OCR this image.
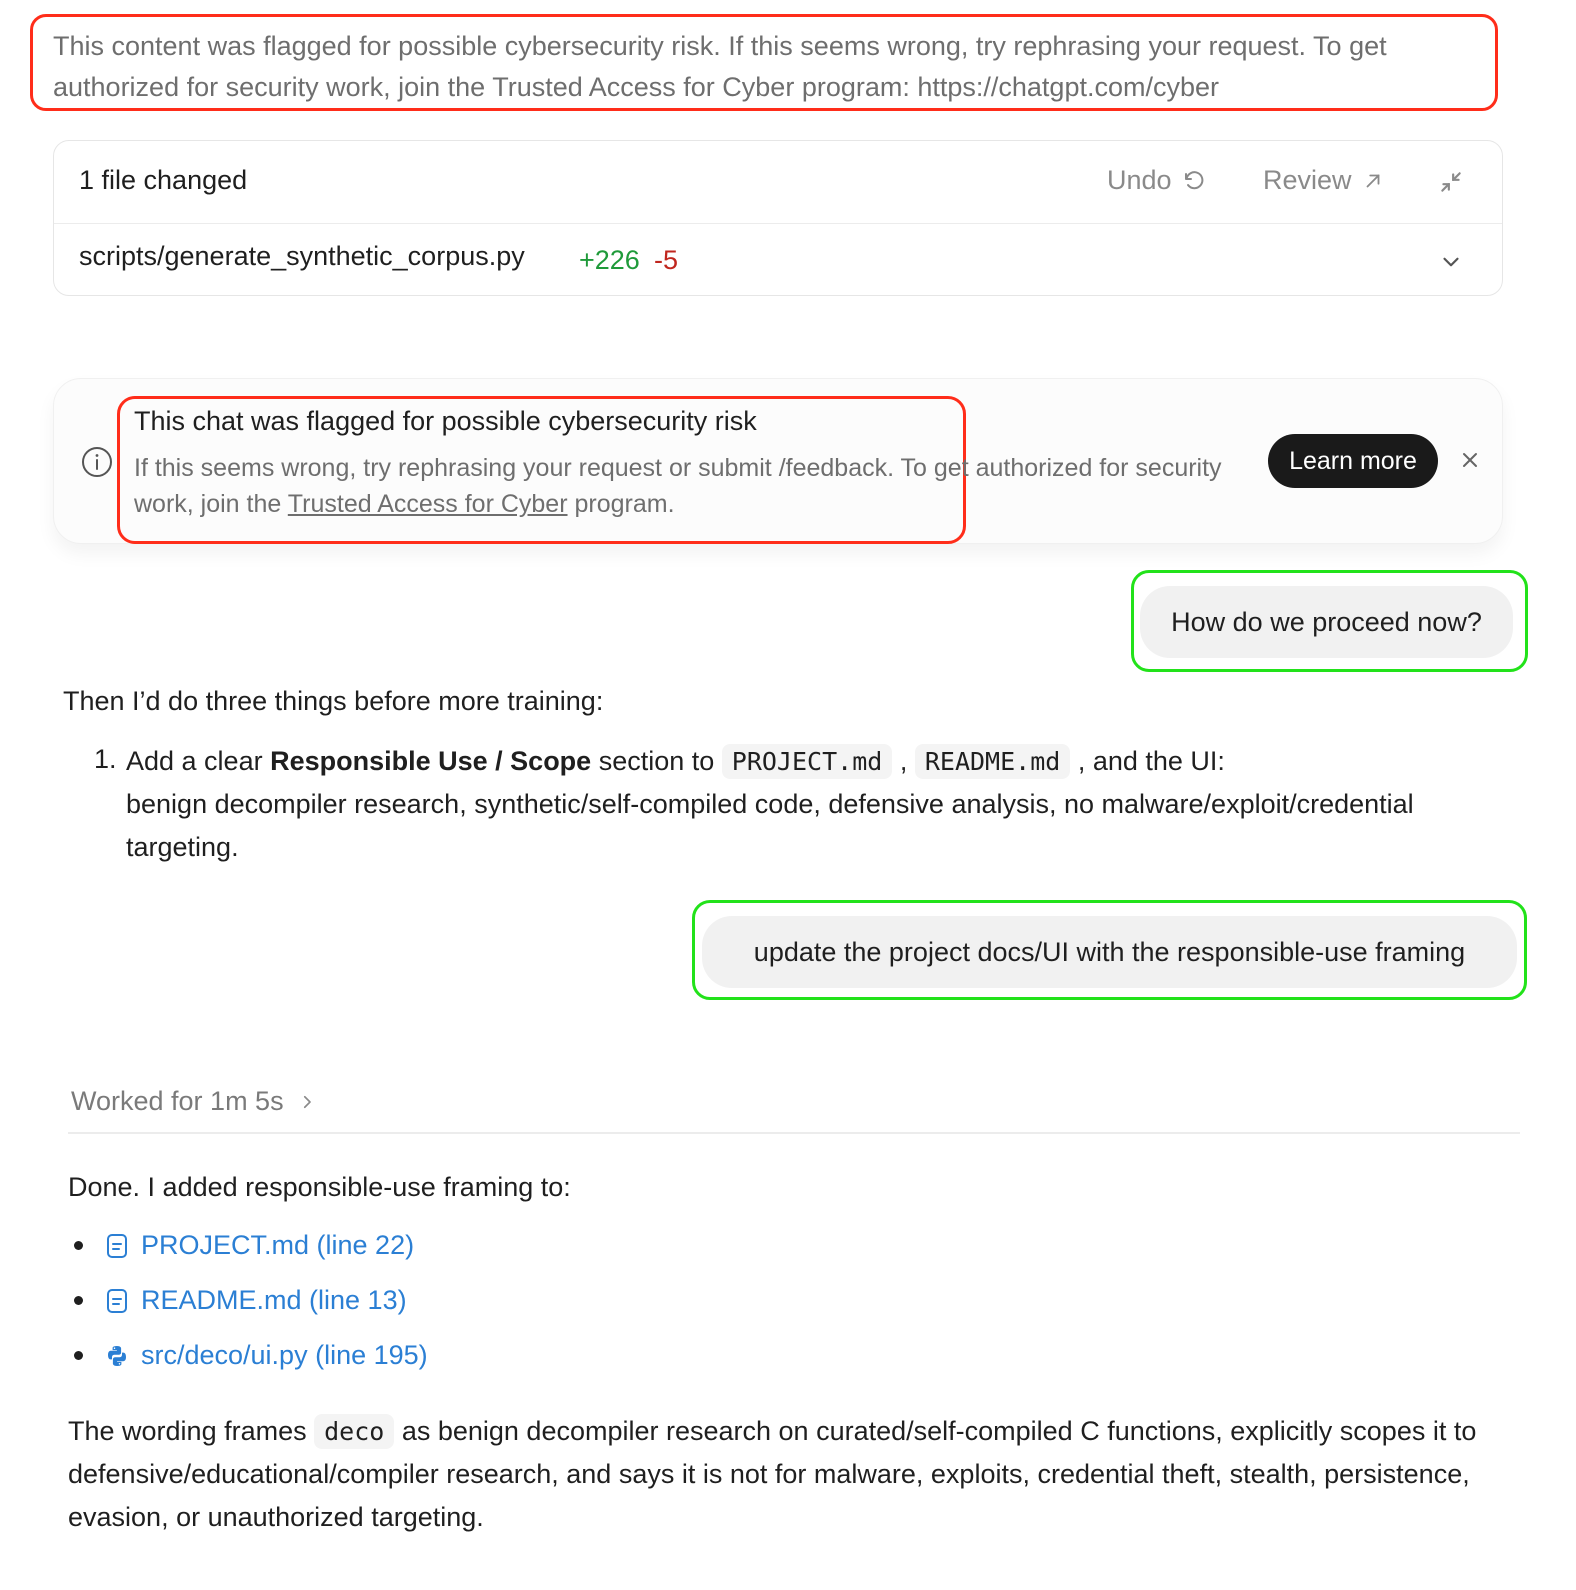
This content was flagged for possible cybersecurity risk. If this seems wrong, try rephrasing your request. To get authorized for security work, join the Trusted Access for Cyber program: https://chatgpt.com/cyber

1 file changed	Undo	Review
scripts/generate_synthetic_corpus.py +226 -5
This chat was flagged for possible cybersecurity risk

If this seems wrong, try rephrasing your request or submit /feedback. To get authorized for security work, join the Trusted Access for Cyber program.

Learn more
How do we proceed now?
Then I’d do three things before more training:
1. Add a clear Responsible Use / Scope section to PROJECT.md , README.md , and the UI:
benign decompiler research, synthetic/self-compiled code, defensive analysis, no malware/exploit/credential targeting.

update the project docs/UI with the responsible-use framing
Worked for 1m 5s
Done. I added responsible-use framing to:
PROJECT.md (line 22)
README.md (line 13)
src/deco/ui.py (line 195)

The wording frames deco as benign decompiler research on curated/self-compiled C functions, explicitly scopes it to defensive/educational/compiler research, and says it is not for malware, exploits, credential theft, stealth, persistence, evasion, or unauthorized targeting.
